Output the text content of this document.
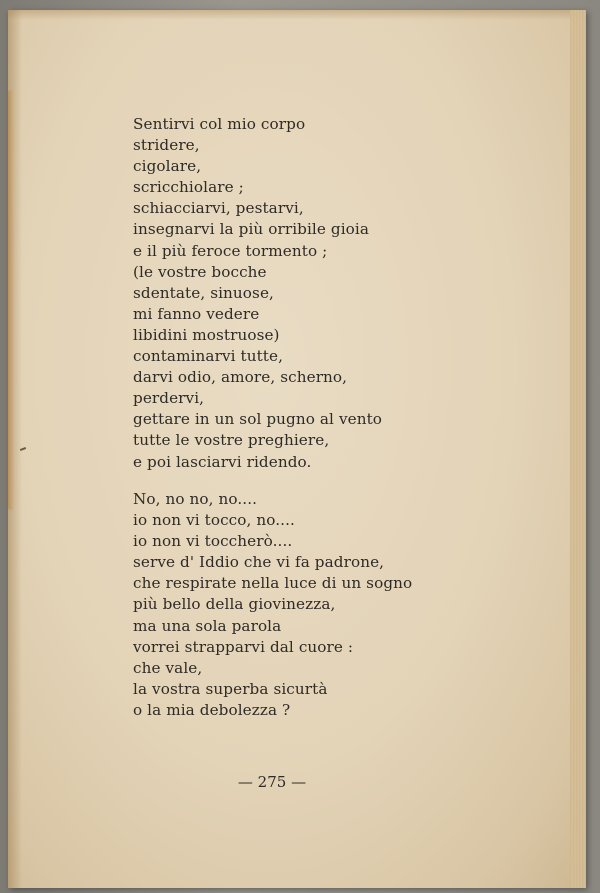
Sentirvi col mio corpo
stridere,
cigolare,
scricchiolare ;
schiacciarvi, pestarvi,
insegnarvi la più orribile gioia
e il più feroce tormento ;
(le vostre bocche
sdentate, sinuose,
mi fanno vedere
libidini mostruose)
contaminarvi tutte,
darvi odio, amore, scherno,
perdervi,
gettare in un sol pugno al vento
tutte le vostre preghiere,
e poi lasciarvi ridendo.
No, no no, no....
io non vi tocco, no....
io non vi toccherò....
serve d' Iddio che vi fa padrone,
che respirate nella luce di un sogno
più bello della giovinezza,
ma una sola parola
vorrei strapparvi dal cuore :
che vale,
la vostra superba sicurtà
o la mia debolezza ?
— 275 —
